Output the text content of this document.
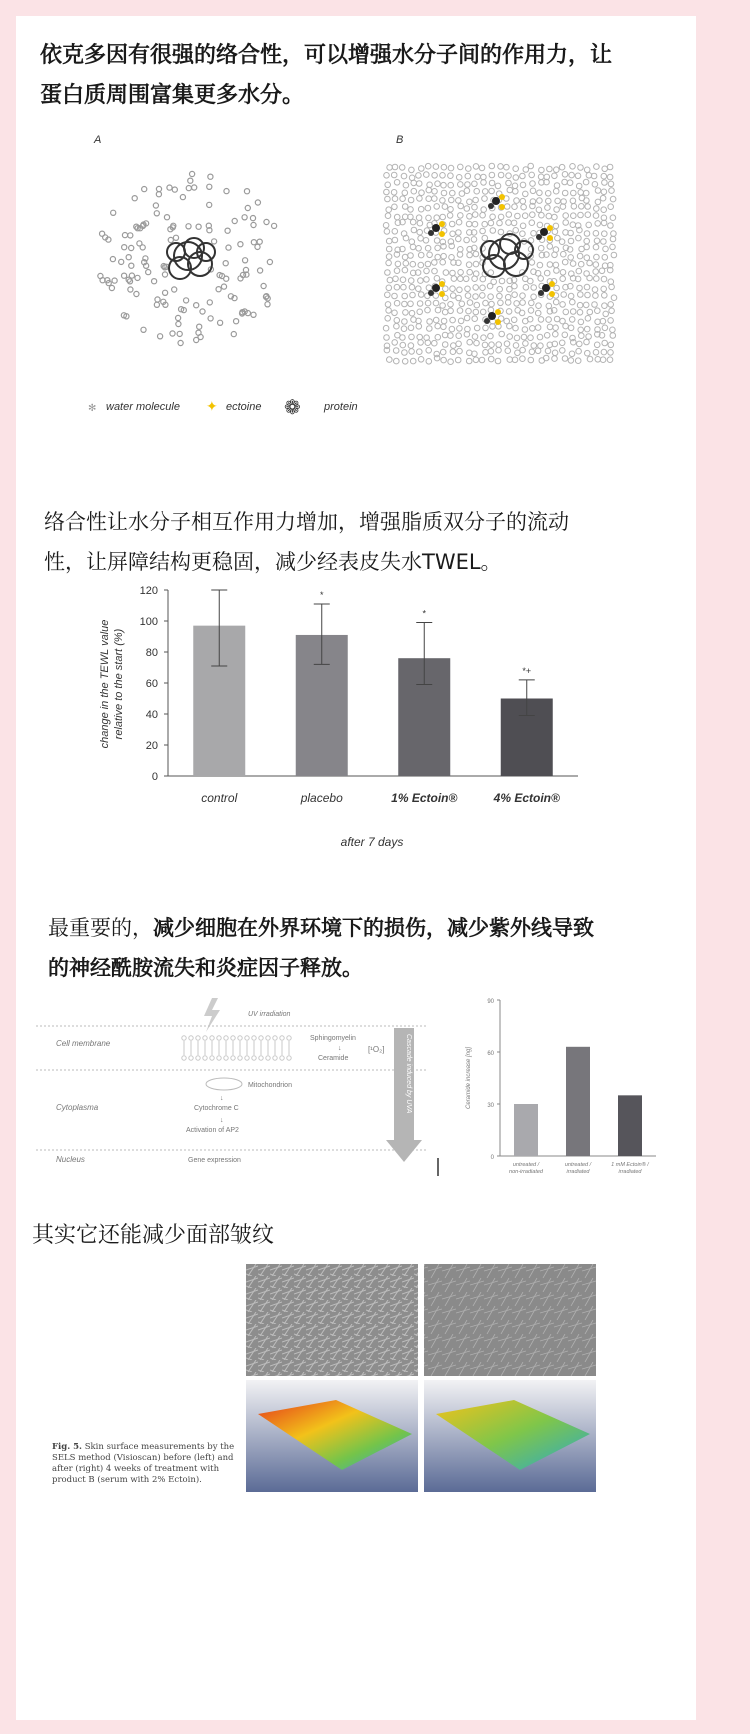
依克多因有很强的络合性，可以增强水分子间的作用力，让
蛋白质周围富集更多水分。
A	B
✻ water molecule ✦ ectoine ❁ protein
络合性让水分子相互作用力增加，增强脂质双分子的流动
性，让屏障结构更稳固，减少经表皮失水TWEL。
0
20
40
60
80
100
120
control
*
placebo
*
1% Ectoin®
*+
4% Ectoin®
after 7 days
change in the TEWL value relative to the start (%)
最重要的，减少细胞在外界环境下的损伤，减少紫外线导致
的神经酰胺流失和炎症因子释放。
UV irradiation
Cell membrane
Sphingomyelin
↓
Ceramide
[¹O₂]
Cytoplasma
Mitochondrion
↓
Cytochrome C
↓
Activation of AP2
Nucleus	Gene expression
Cascade induced by UVA
0
30
60
90
Ceramide increase [ng]
untreated /
non-irradiated
untreated /
irradiated
1 mM Ectoin® /
irradiated
其实它还能减少面部皱纹
Fig. 5. Skin surface measurements by the
SELS method (Visioscan) before (left) and
after (right) 4 weeks of treatment with
product B (serum with 2% Ectoin).
